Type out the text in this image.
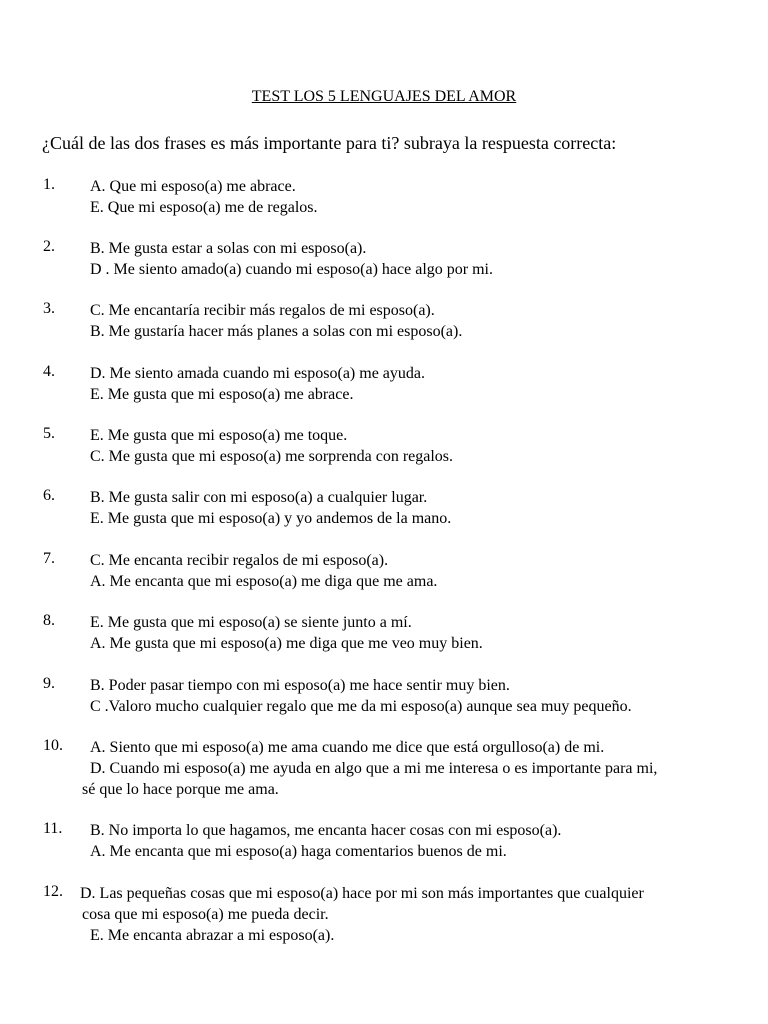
TEST LOS 5 LENGUAJES DEL AMOR
¿Cuál de las dos frases es más importante para ti? subraya la respuesta correcta:
1. A. Que mi esposo(a) me abrace.
E. Que mi esposo(a) me de regalos.
2. B. Me gusta estar a solas con mi esposo(a).
D . Me siento amado(a) cuando mi esposo(a) hace algo por mi.
3. C. Me encantaría recibir más regalos de mi esposo(a).
B. Me gustaría hacer más planes a solas con mi esposo(a).
4. D. Me siento amada cuando mi esposo(a) me ayuda.
E. Me gusta que mi esposo(a) me abrace.
5. E. Me gusta que mi esposo(a) me toque.
C. Me gusta que mi esposo(a) me sorprenda con regalos.
6. B. Me gusta salir con mi esposo(a) a cualquier lugar.
E. Me gusta que mi esposo(a) y yo andemos de la mano.
7. C. Me encanta recibir regalos de mi esposo(a).
A. Me encanta que mi esposo(a) me diga que me ama.
8. E. Me gusta que mi esposo(a) se siente junto a mí.
A. Me gusta que mi esposo(a) me diga que me veo muy bien.
9. B. Poder pasar tiempo con mi esposo(a) me hace sentir muy bien.
C .Valoro mucho cualquier regalo que me da mi esposo(a) aunque sea muy pequeño.
10. A. Siento que mi esposo(a) me ama cuando me dice que está orgulloso(a) de mi.
D. Cuando mi esposo(a) me ayuda en algo que a mi me interesa o es importante para mi,
sé que lo hace porque me ama.
11. B. No importa lo que hagamos, me encanta hacer cosas con mi esposo(a).
A. Me encanta que mi esposo(a) haga comentarios buenos de mi.
12. D. Las pequeñas cosas que mi esposo(a) hace por mi son más importantes que cualquier
cosa que mi esposo(a) me pueda decir.
E. Me encanta abrazar a mi esposo(a).
